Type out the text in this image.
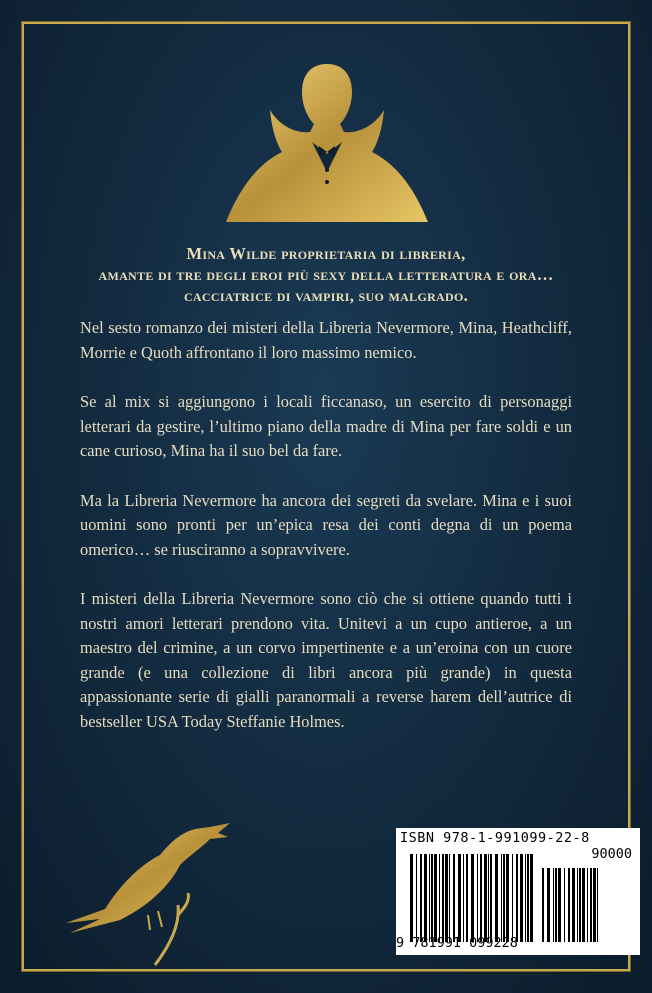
Mina Wilde proprietaria di libreria,
amante di tre degli eroi più sexy della letteratura e ora…
cacciatrice di vampiri, suo malgrado.

Nel sesto romanzo dei misteri della Libreria Nevermore, Mina, Heathcliff, Morrie e Quoth affrontano il loro massimo nemico.

Se al mix si aggiungono i locali ficcanaso, un esercito di personaggi letterari da gestire, l’ultimo piano della madre di Mina per fare soldi e un cane curioso, Mina ha il suo bel da fare.

Ma la Libreria Nevermore ha ancora dei segreti da svelare. Mina e i suoi uomini sono pronti per un’epica resa dei conti degna di un poema omerico… se riusciranno a sopravvivere.

I misteri della Libreria Nevermore sono ciò che si ottiene quando tutti i nostri amori letterari prendono vita. Unitevi a un cupo antieroe, a un maestro del crimine, a un corvo impertinente e a un’eroina con un cuore grande (e una collezione di libri ancora più grande) in questa appassionante serie di gialli paranormali a reverse harem dell’autrice di bestseller USA Today Steffanie Holmes.

ISBN 978-1-991099-22-8
90000
9 781991 099228
